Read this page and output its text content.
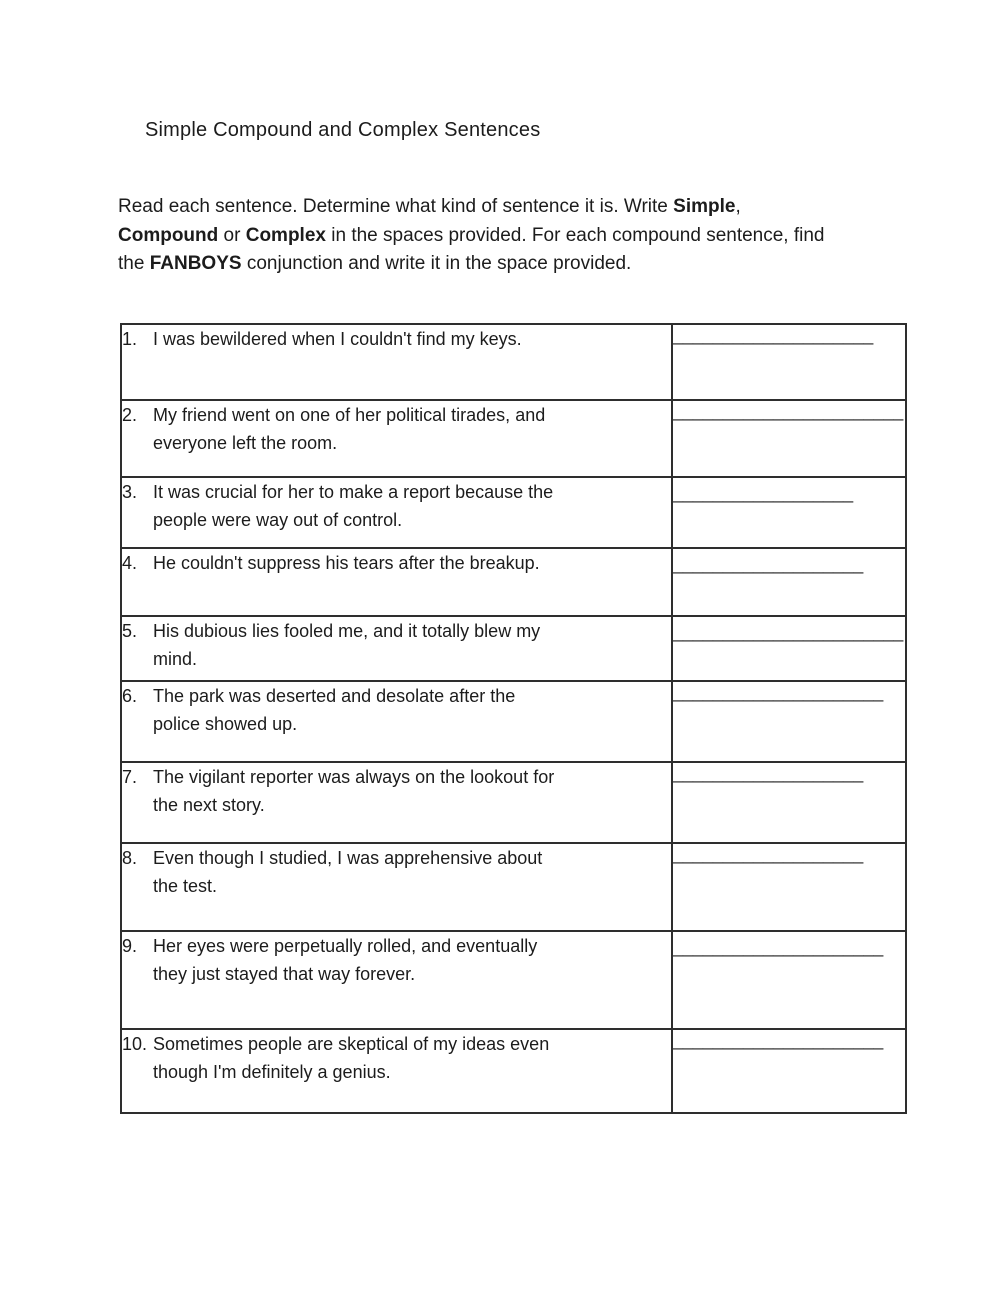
Simple Compound and Complex Sentences
Read each sentence. Determine what kind of sentence it is. Write Simple,
Compound or Complex in the spaces provided. For each compound sentence, find
the FANBOYS conjunction and write it in the space provided.
1. I was bewildered when I couldn't find my keys.	____________________

2. My friend went on one of her political tirades, and
everyone left the room.	_______________________

3. It was crucial for her to make a report because the
people were way out of control.	__________________

4. He couldn't suppress his tears after the breakup.	___________________

5. His dubious lies fooled me, and it totally blew my
mind.	_______________________

6. The park was deserted and desolate after the
police showed up.	_____________________

7. The vigilant reporter was always on the lookout for
the next story.	___________________

8. Even though I studied, I was apprehensive about
the test.	___________________

9. Her eyes were perpetually rolled, and eventually
they just stayed that way forever.	_____________________

10. Sometimes people are skeptical of my ideas even
though I'm definitely a genius.	_____________________
